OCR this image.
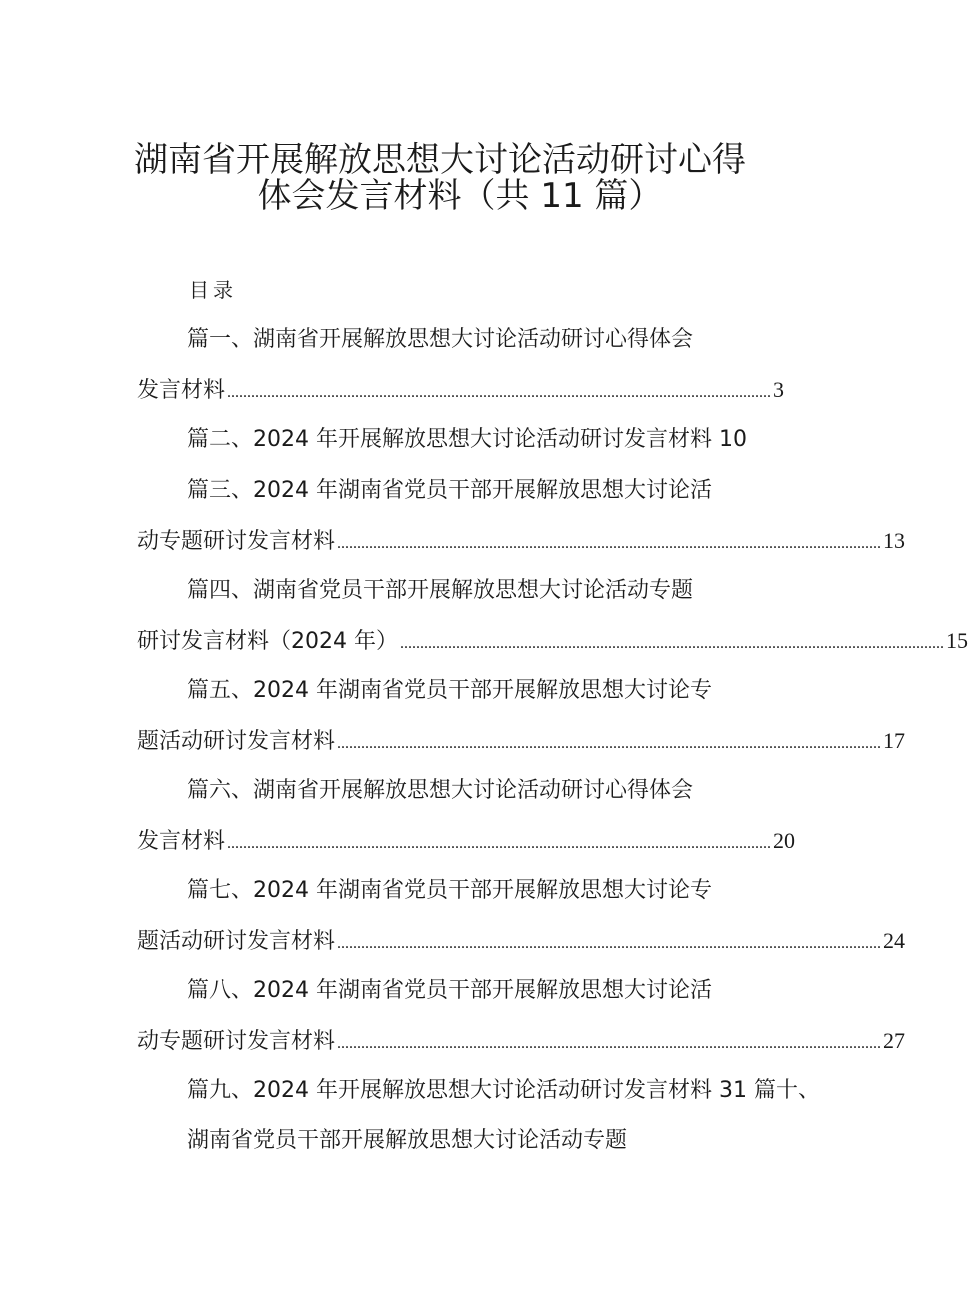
湖南省开展解放思想大讨论活动研讨心得
体会发言材料（共 11 篇）
目录
篇一、湖南省开展解放思想大讨论活动研讨心得体会
发言材料 ........................................................................................................................................ 3
篇二、2024 年开展解放思想大讨论活动研讨发言材料 10
篇三、2024 年湖南省党员干部开展解放思想大讨论活
动专题研讨发言材料 ........................................................................................................................................ 13
篇四、湖南省党员干部开展解放思想大讨论活动专题
研讨发言材料（2024 年） ........................................................................................................................................ 15
篇五、2024 年湖南省党员干部开展解放思想大讨论专
题活动研讨发言材料 ........................................................................................................................................ 17
篇六、湖南省开展解放思想大讨论活动研讨心得体会
发言材料 ........................................................................................................................................ 20
篇七、2024 年湖南省党员干部开展解放思想大讨论专
题活动研讨发言材料 ........................................................................................................................................ 24
篇八、2024 年湖南省党员干部开展解放思想大讨论活
动专题研讨发言材料 ........................................................................................................................................ 27
篇九、2024 年开展解放思想大讨论活动研讨发言材料 31 篇十、
湖南省党员干部开展解放思想大讨论活动专题
